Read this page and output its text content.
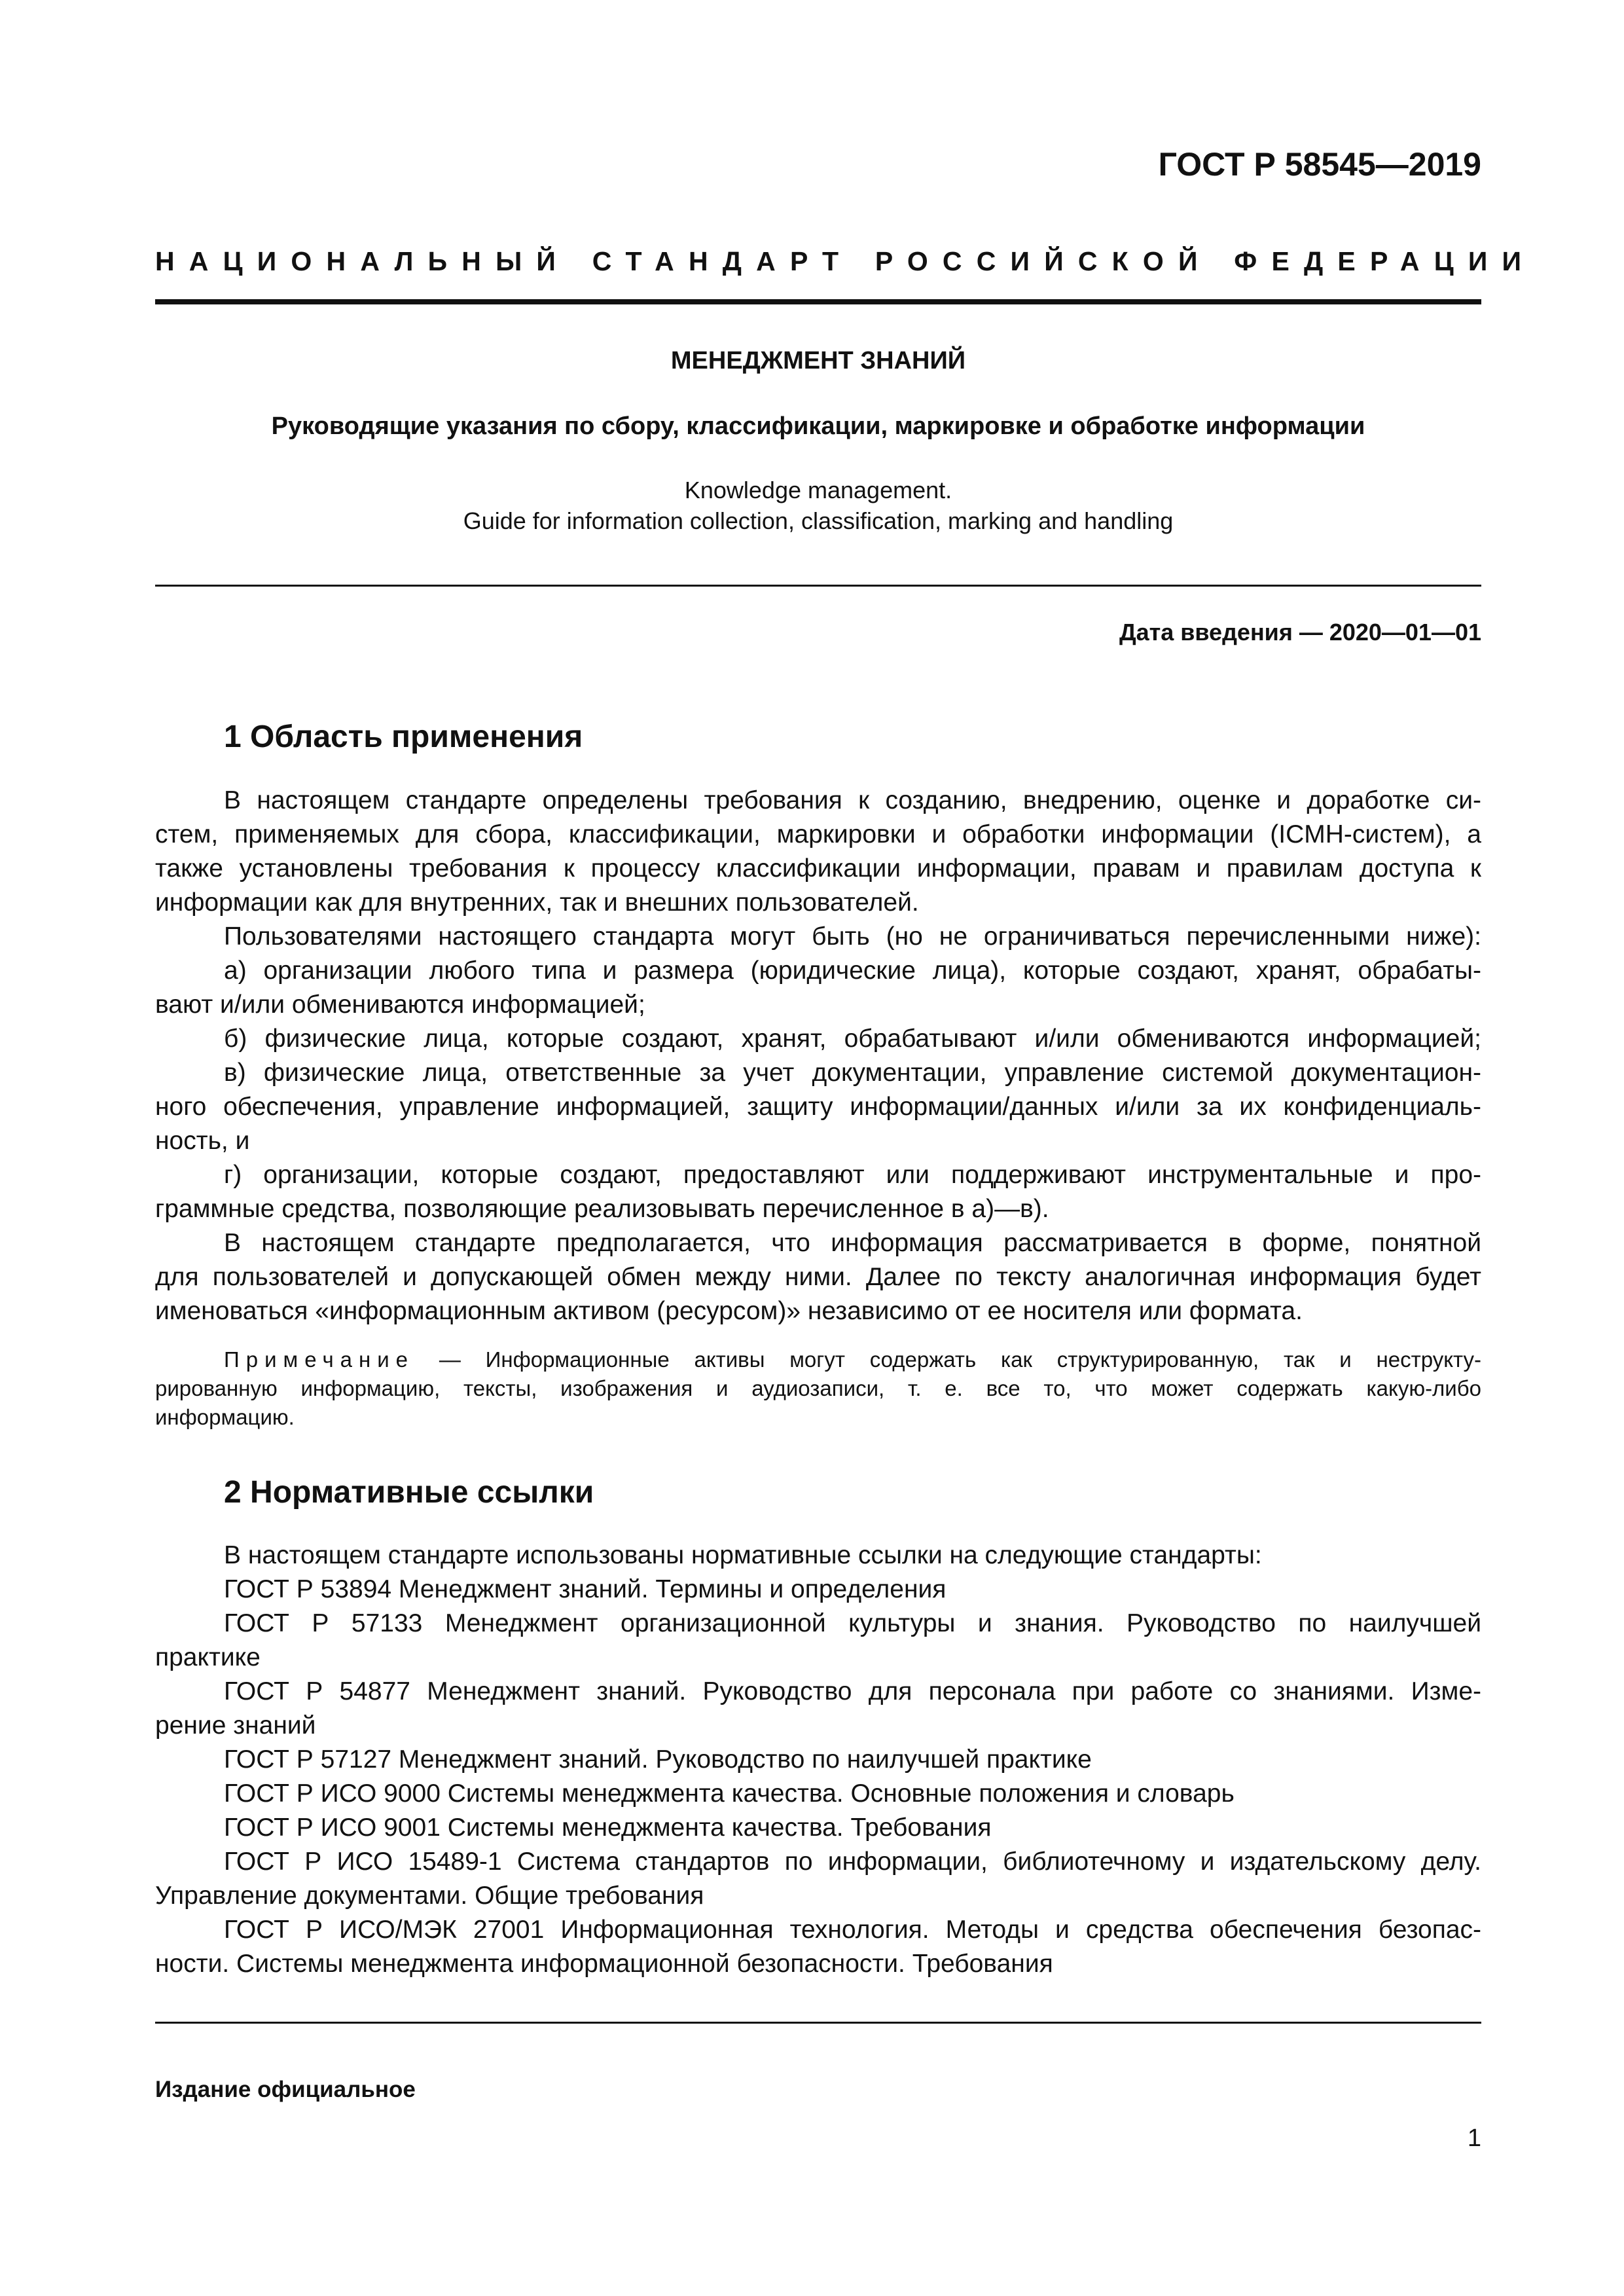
ГОСТ Р 58545—2019
НАЦИОНАЛЬНЫЙ СТАНДАРТ РОССИЙСКОЙ ФЕДЕРАЦИИ
МЕНЕДЖМЕНТ ЗНАНИЙ
Руководящие указания по сбору, классификации, маркировке и обработке информации
Knowledge management.
Guide for information collection, classification, marking and handling
Дата введения — 2020—01—01
1 Область применения
В настоящем стандарте определены требования к созданию, внедрению, оценке и доработке си-
стем, применяемых для сбора, классификации, маркировки и обработки информации (ICMH-систем), а
также установлены требования к процессу классификации информации, правам и правилам доступа к
информации как для внутренних, так и внешних пользователей.
Пользователями настоящего стандарта могут быть (но не ограничиваться перечисленными ниже):
а) организации любого типа и размера (юридические лица), которые создают, хранят, обрабаты-
вают и/или обмениваются информацией;
б) физические лица, которые создают, хранят, обрабатывают и/или обмениваются информацией;
в) физические лица, ответственные за учет документации, управление системой документацион-
ного обеспечения, управление информацией, защиту информации/данных и/или за их конфиденциаль-
ность, и
г) организации, которые создают, предоставляют или поддерживают инструментальные и про-
граммные средства, позволяющие реализовывать перечисленное в а)—в).
В настоящем стандарте предполагается, что информация рассматривается в форме, понятной
для пользователей и допускающей обмен между ними. Далее по тексту аналогичная информация будет
именоваться «информационным активом (ресурсом)» независимо от ее носителя или формата.
Примечание — Информационные активы могут содержать как структурированную, так и неструкту-
рированную информацию, тексты, изображения и аудиозаписи, т. е. все то, что может содержать какую-либо
информацию.
2 Нормативные ссылки
В настоящем стандарте использованы нормативные ссылки на следующие стандарты:
ГОСТ Р 53894 Менеджмент знаний. Термины и определения
ГОСТ Р 57133 Менеджмент организационной культуры и знания. Руководство по наилучшей
практике
ГОСТ Р 54877 Менеджмент знаний. Руководство для персонала при работе со знаниями. Изме-
рение знаний
ГОСТ Р 57127 Менеджмент знаний. Руководство по наилучшей практике
ГОСТ Р ИСО 9000 Системы менеджмента качества. Основные положения и словарь
ГОСТ Р ИСО 9001 Системы менеджмента качества. Требования
ГОСТ Р ИСО 15489-1 Система стандартов по информации, библиотечному и издательскому делу.
Управление документами. Общие требования
ГОСТ Р ИСО/МЭК 27001 Информационная технология. Методы и средства обеспечения безопас-
ности. Системы менеджмента информационной безопасности. Требования
Издание официальное
1
